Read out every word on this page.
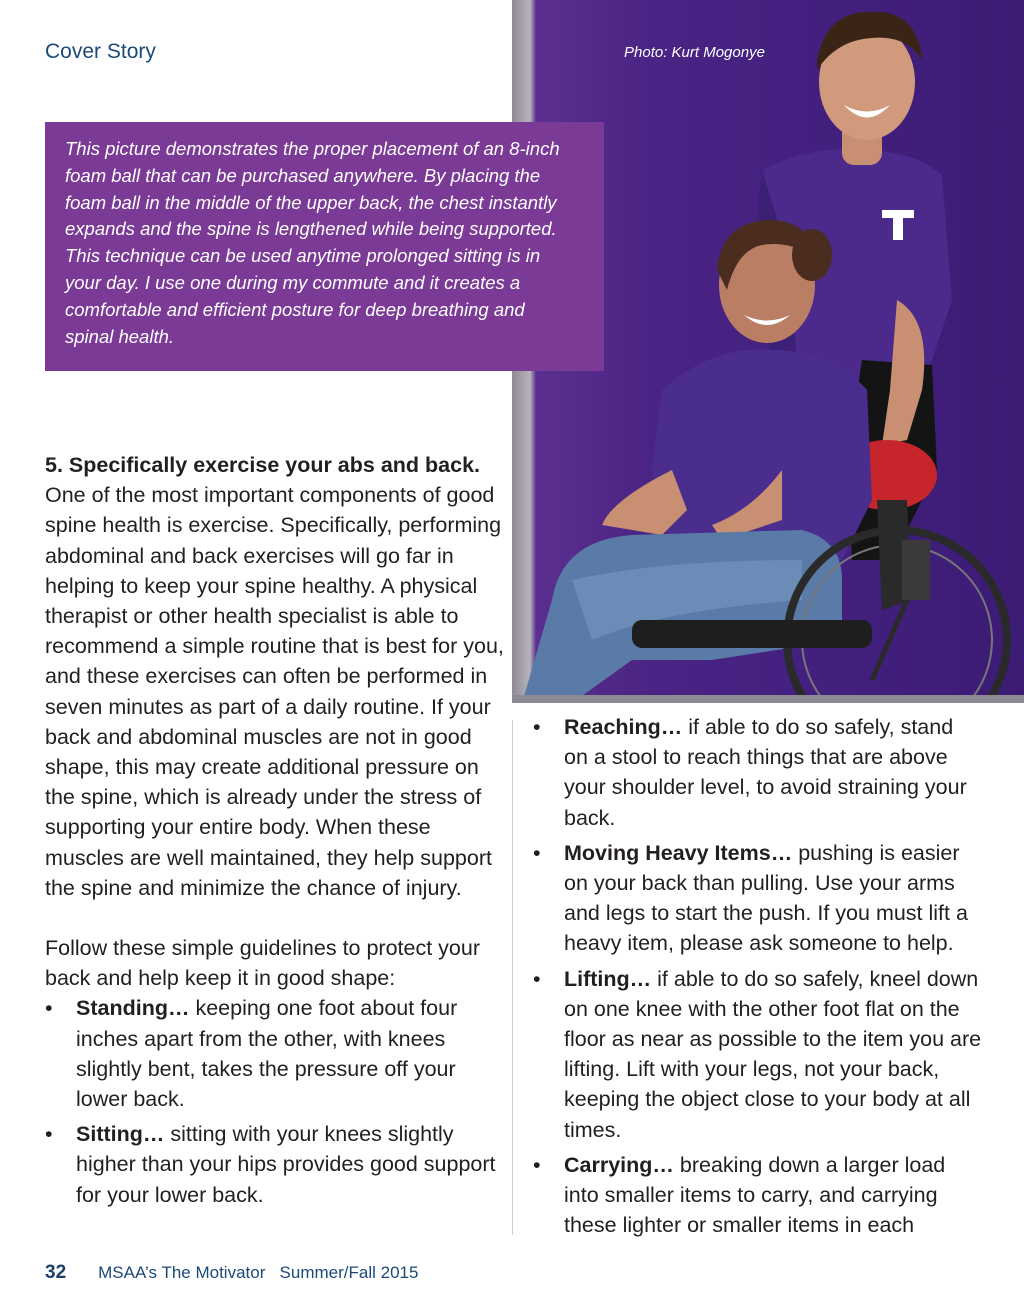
Cover Story	Photo: Kurt Mogonye
This picture demonstrates the proper placement of an 8-inch
foam ball that can be purchased anywhere. By placing the
foam ball in the middle of the upper back, the chest instantly
expands and the spine is lengthened while being supported.
This technique can be used anytime prolonged sitting is in
your day. I use one during my commute and it creates a
comfortable and efficient posture for deep breathing and
spinal health.

5. Specifically exercise your abs and back.

One of the most important components of good spine health is exercise. Specifically, performing abdominal and back exercises will go far in helping to keep your spine healthy. A physical therapist or other health specialist is able to recommend a simple routine that is best for you, and these exercises can often be performed in seven minutes as part of a daily routine. If your back and abdominal muscles are not in good shape, this may create additional pressure on the spine, which is already under the stress of supporting your entire body. When these muscles are well maintained, they help support the spine and minimize the chance of injury.

Follow these simple guidelines to protect your back and help keep it in good shape:

• Standing… keeping one foot about four inches apart from the other, with knees slightly bent, takes the pressure off your lower back.
• Sitting… sitting with your knees slightly higher than your hips provides good support for your lower back.
• Reaching… if able to do so safely, stand on a stool to reach things that are above your shoulder level, to avoid straining your back.
• Moving Heavy Items… pushing is easier on your back than pulling. Use your arms and legs to start the push. If you must lift a heavy item, please ask someone to help.
• Lifting… if able to do so safely, kneel down on one knee with the other foot flat on the floor as near as possible to the item you are lifting. Lift with your legs, not your back, keeping the object close to your body at all times.
• Carrying… breaking down a larger load into smaller items to carry, and carrying these lighter or smaller items in each
32 MSAA’s The Motivator   Summer/Fall 2015
